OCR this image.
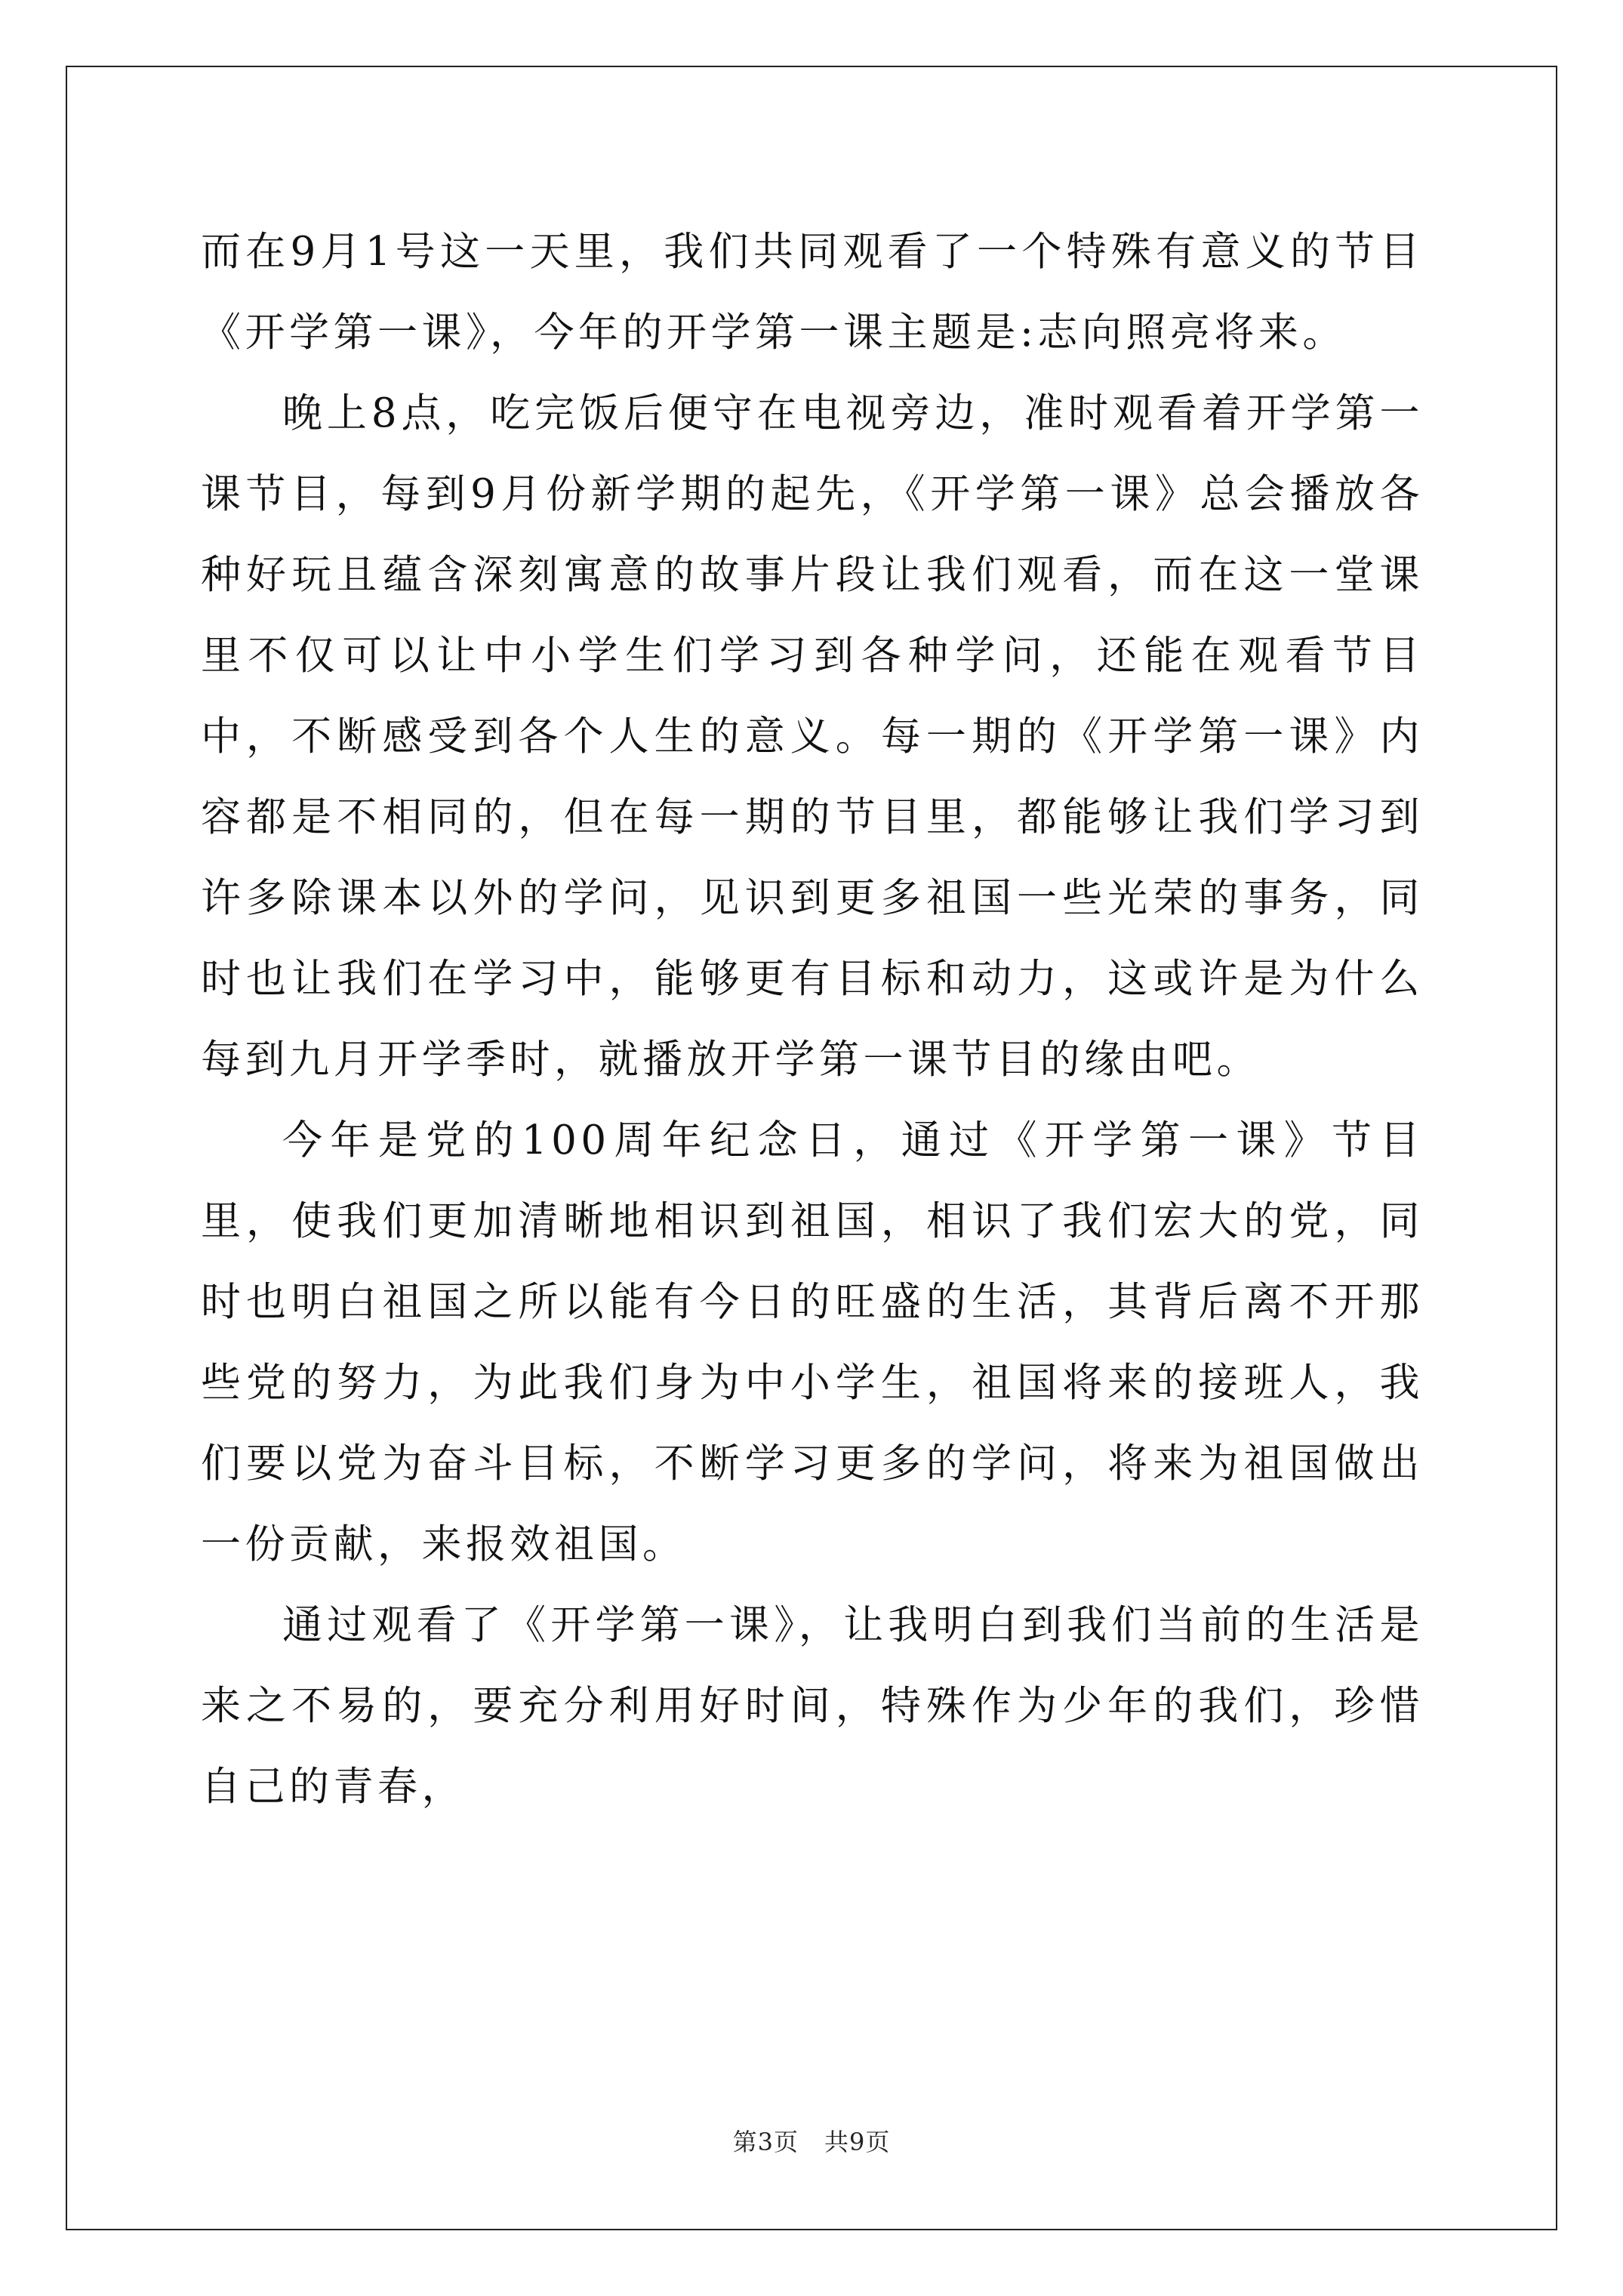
而在9月1号这一天里，我们共同观看了一个特殊有意义的节目《开学第一课》，今年的开学第一课主题是:志向照亮将来。

晚上8点，吃完饭后便守在电视旁边，准时观看着开学第一课节目，每到9月份新学期的起先，《开学第一课》总会播放各种好玩且蕴含深刻寓意的故事片段让我们观看，而在这一堂课里不仅可以让中小学生们学习到各种学问，还能在观看节目中，不断感受到各个人生的意义。每一期的《开学第一课》内容都是不相同的，但在每一期的节目里，都能够让我们学习到许多除课本以外的学问，见识到更多祖国一些光荣的事务，同时也让我们在学习中，能够更有目标和动力，这或许是为什么每到九月开学季时，就播放开学第一课节目的缘由吧。

今年是党的100周年纪念日，通过《开学第一课》节目里，使我们更加清晰地相识到祖国，相识了我们宏大的党，同时也明白祖国之所以能有今日的旺盛的生活，其背后离不开那些党的努力，为此我们身为中小学生，祖国将来的接班人，我们要以党为奋斗目标，不断学习更多的学问，将来为祖国做出一份贡献，来报效祖国。

通过观看了《开学第一课》，让我明白到我们当前的生活是来之不易的，要充分利用好时间，特殊作为少年的我们，珍惜自己的青春，

第3页 共9页
